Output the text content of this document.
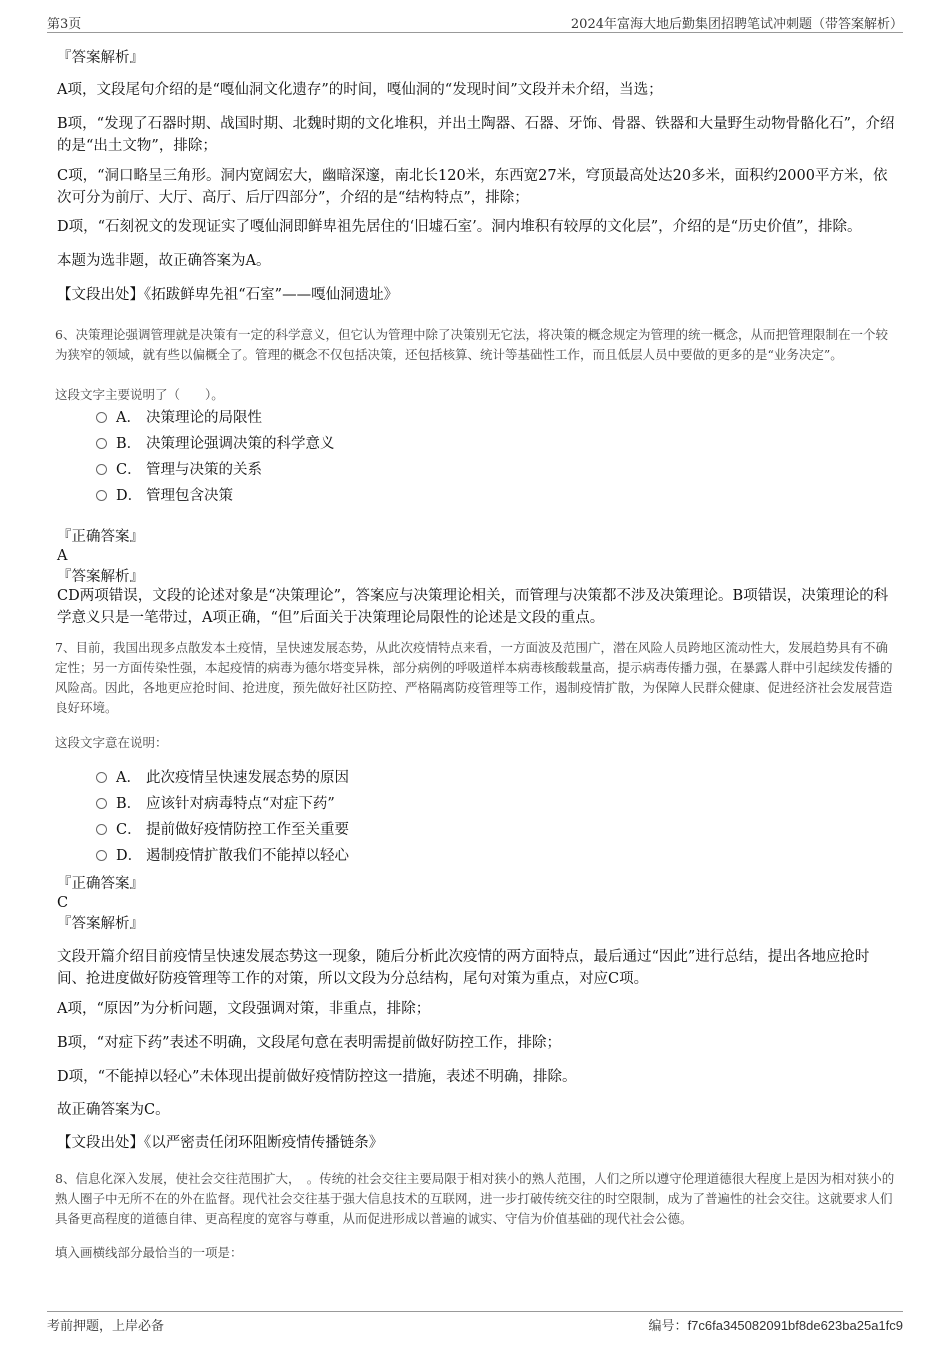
第3页	2024年富海大地后勤集团招聘笔试冲刺题（带答案解析）
『答案解析』
A项，文段尾句介绍的是“嘎仙洞文化遗存”的时间，嘎仙洞的“发现时间”文段并未介绍，当选；
B项，“发现了石器时期、战国时期、北魏时期的文化堆积，并出土陶器、石器、牙饰、骨器、铁器和大量野生动物骨骼化石”，介绍的是“出土文物”，排除；
C项，“洞口略呈三角形。洞内宽阔宏大，幽暗深邃，南北长120米，东西宽27米，穹顶最高处达20多米，面积约2000平方米，依次可分为前厅、大厅、高厅、后厅四部分”，介绍的是“结构特点”，排除；
D项，“石刻祝文的发现证实了嘎仙洞即鲜卑祖先居住的‘旧墟石室’。洞内堆积有较厚的文化层”，介绍的是“历史价值”，排除。
本题为选非题，故正确答案为A。
【文段出处】《拓跋鲜卑先祖“石室”——嘎仙洞遗址》
6、决策理论强调管理就是决策有一定的科学意义，但它认为管理中除了决策别无它法，将决策的概念规定为管理的统一概念，从而把管理限制在一个较为狭窄的领域，就有些以偏概全了。管理的概念不仅包括决策，还包括核算、统计等基础性工作，而且低层人员中要做的更多的是“业务决定”。
这段文字主要说明了（　　）。
A． 决策理论的局限性
B． 决策理论强调决策的科学意义
C． 管理与决策的关系
D． 管理包含决策
『正确答案』
A
『答案解析』
CD两项错误，文段的论述对象是“决策理论”，答案应与决策理论相关，而管理与决策都不涉及决策理论。B项错误，决策理论的科学意义只是一笔带过，A项正确，“但”后面关于决策理论局限性的论述是文段的重点。
7、目前，我国出现多点散发本土疫情，呈快速发展态势，从此次疫情特点来看，一方面波及范围广，潜在风险人员跨地区流动性大，发展趋势具有不确定性；另一方面传染性强，本起疫情的病毒为德尔塔变异株，部分病例的呼吸道样本病毒核酸载量高，提示病毒传播力强，在暴露人群中引起续发传播的风险高。因此，各地更应抢时间、抢进度，预先做好社区防控、严格隔离防疫管理等工作，遏制疫情扩散，为保障人民群众健康、促进经济社会发展营造良好环境。
这段文字意在说明：
A． 此次疫情呈快速发展态势的原因
B． 应该针对病毒特点“对症下药”
C． 提前做好疫情防控工作至关重要
D． 遏制疫情扩散我们不能掉以轻心
『正确答案』
C
『答案解析』
文段开篇介绍目前疫情呈快速发展态势这一现象，随后分析此次疫情的两方面特点，最后通过“因此”进行总结，提出各地应抢时间、抢进度做好防疫管理等工作的对策，所以文段为分总结构，尾句对策为重点，对应C项。
A项，“原因”为分析问题，文段强调对策，非重点，排除；
B项，“对症下药”表述不明确，文段尾句意在表明需提前做好防控工作，排除；
D项，“不能掉以轻心”未体现出提前做好疫情防控这一措施，表述不明确，排除。
故正确答案为C。
【文段出处】《以严密责任闭环阻断疫情传播链条》
8、信息化深入发展，使社会交往范围扩大，　。传统的社会交往主要局限于相对狭小的熟人范围，人们之所以遵守伦理道德很大程度上是因为相对狭小的熟人圈子中无所不在的外在监督。现代社会交往基于强大信息技术的互联网，进一步打破传统交往的时空限制，成为了普遍性的社会交往。这就要求人们具备更高程度的道德自律、更高程度的宽容与尊重，从而促进形成以普遍的诚实、守信为价值基础的现代社会公德。
填入画横线部分最恰当的一项是：
考前押题，上岸必备	编号：f7c6fa345082091bf8de623ba25a1fc9
